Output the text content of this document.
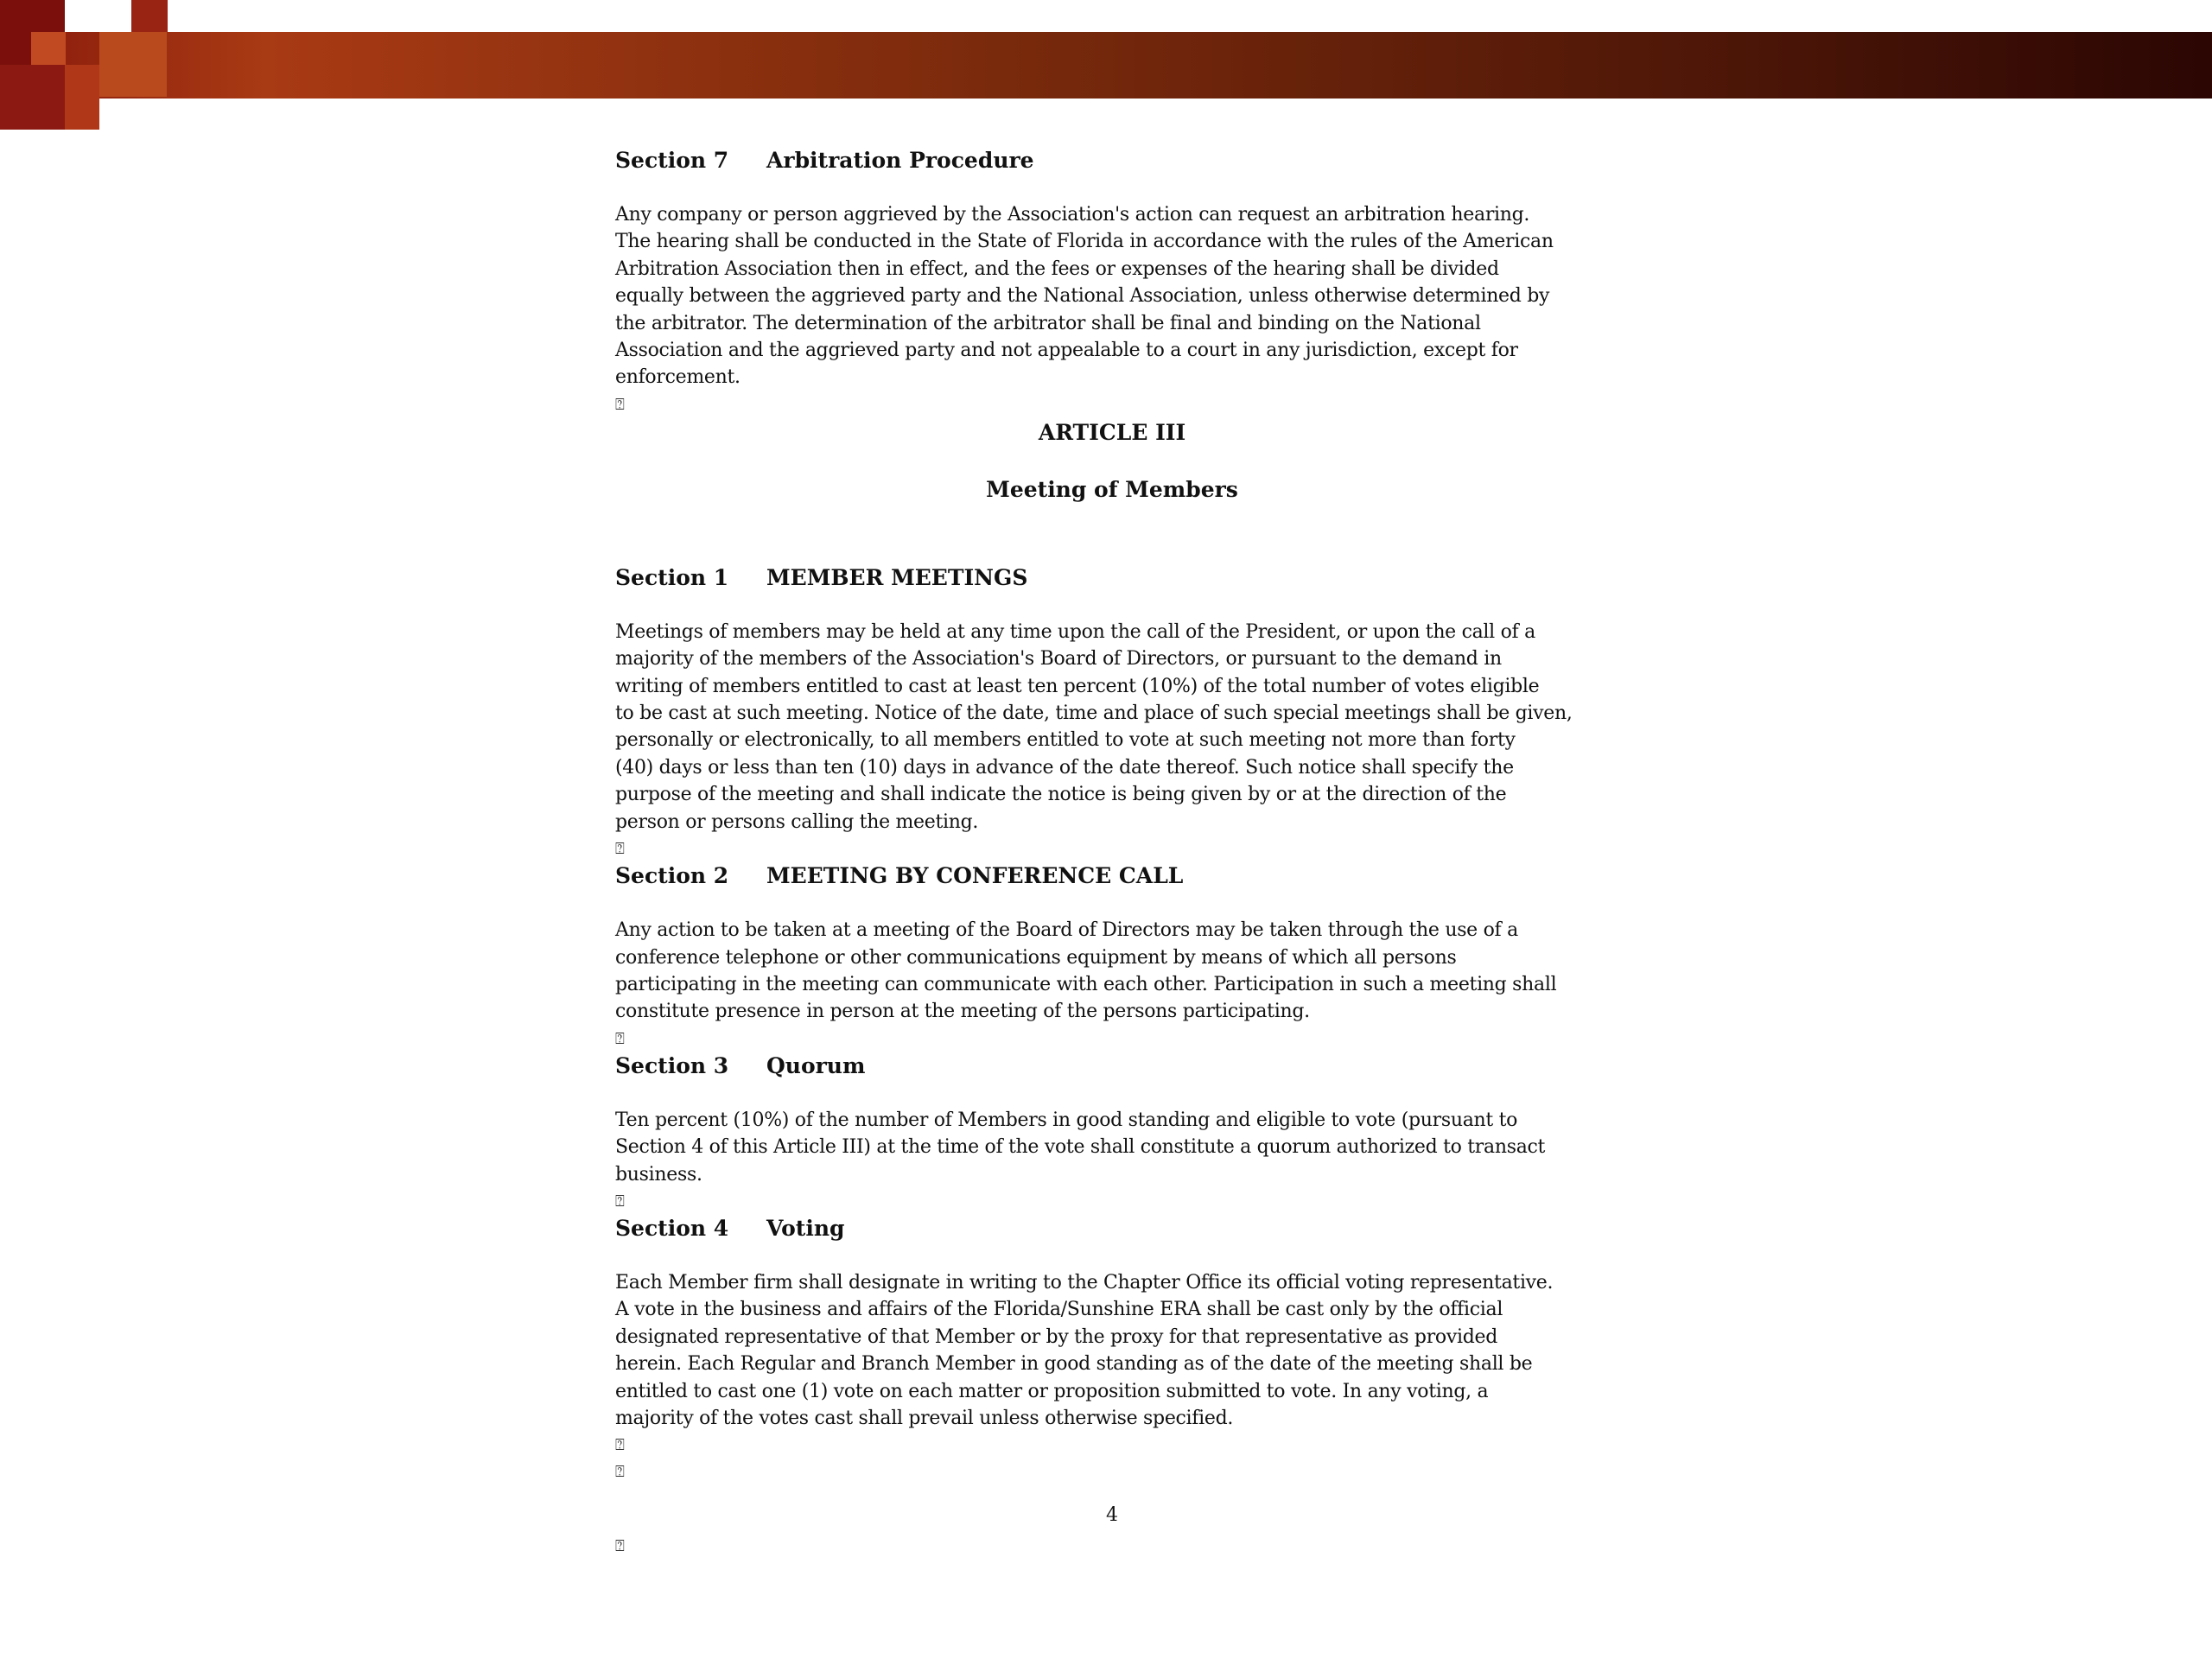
Section 7	Arbitration Procedure

Any company or person aggrieved by the Association's action can request an arbitration hearing.
The hearing shall be conducted in the State of Florida in accordance with the rules of the American
Arbitration Association then in effect, and the fees or expenses of the hearing shall be divided
equally between the aggrieved party and the National Association, unless otherwise determined by
the arbitrator. The determination of the arbitrator shall be final and binding on the National
Association and the aggrieved party and not appealable to a court in any jurisdiction, except for
enforcement.

⍰

ARTICLE III

Meeting of Members

Section 1	MEMBER MEETINGS

Meetings of members may be held at any time upon the call of the President, or upon the call of a
majority of the members of the Association's Board of Directors, or pursuant to the demand in
writing of members entitled to cast at least ten percent (10%) of the total number of votes eligible
to be cast at such meeting. Notice of the date, time and place of such special meetings shall be given,
personally or electronically, to all members entitled to vote at such meeting not more than forty
(40) days or less than ten (10) days in advance of the date thereof. Such notice shall specify the
purpose of the meeting and shall indicate the notice is being given by or at the direction of the
person or persons calling the meeting.

⍰

Section 2	MEETING BY CONFERENCE CALL

Any action to be taken at a meeting of the Board of Directors may be taken through the use of a
conference telephone or other communications equipment by means of which all persons
participating in the meeting can communicate with each other. Participation in such a meeting shall
constitute presence in person at the meeting of the persons participating.

⍰

Section 3	Quorum

Ten percent (10%) of the number of Members in good standing and eligible to vote (pursuant to
Section 4 of this Article III) at the time of the vote shall constitute a quorum authorized to transact
business.

⍰

Section 4	Voting

Each Member firm shall designate in writing to the Chapter Office its official voting representative.
A vote in the business and affairs of the Florida/Sunshine ERA shall be cast only by the official
designated representative of that Member or by the proxy for that representative as provided
herein. Each Regular and Branch Member in good standing as of the date of the meeting shall be
entitled to cast one (1) vote on each matter or proposition submitted to vote. In any voting, a
majority of the votes cast shall prevail unless otherwise specified.

⍰

⍰

4

⍰
